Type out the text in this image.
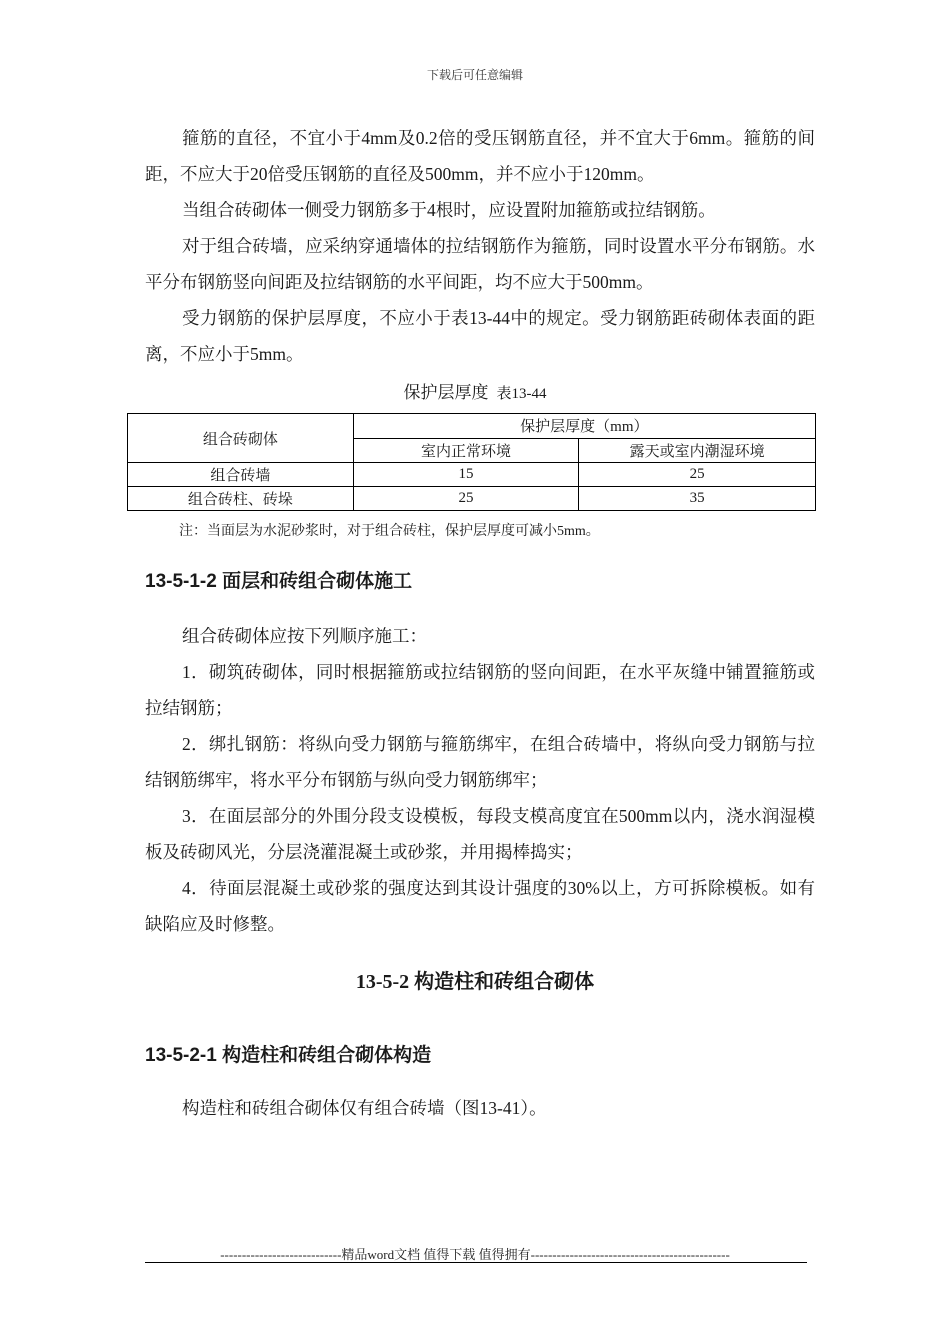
下载后可任意编辑

箍筋的直径，不宜小于4mm及0.2倍的受压钢筋直径，并不宜大于6mm。箍筋的间距，不应大于20倍受压钢筋的直径及500mm，并不应小于120mm。

当组合砖砌体一侧受力钢筋多于4根时，应设置附加箍筋或拉结钢筋。

对于组合砖墙，应采纳穿通墙体的拉结钢筋作为箍筋，同时设置水平分布钢筋。水平分布钢筋竖向间距及拉结钢筋的水平间距，均不应大于500mm。

受力钢筋的保护层厚度，不应小于表13-44中的规定。受力钢筋距砖砌体表面的距离，不应小于5mm。

保护层厚度 表13-44
组合砖砌体	保护层厚度（mm）	
	室内正常环境	露天或室内潮湿环境
组合砖墙	15	25
组合砖柱、砖垛	25	35
注：当面层为水泥砂浆时，对于组合砖柱，保护层厚度可减小5mm。
13-5-1-2 面层和砖组合砌体施工

组合砖砌体应按下列顺序施工：

1．砌筑砖砌体，同时根据箍筋或拉结钢筋的竖向间距，在水平灰缝中铺置箍筋或拉结钢筋；

2．绑扎钢筋：将纵向受力钢筋与箍筋绑牢，在组合砖墙中，将纵向受力钢筋与拉结钢筋绑牢，将水平分布钢筋与纵向受力钢筋绑牢；

3．在面层部分的外围分段支设模板，每段支模高度宜在500mm以内，浇水润湿模板及砖砌风光，分层浇灌混凝土或砂浆，并用揭棒捣实；

4．待面层混凝土或砂浆的强度达到其设计强度的30%以上，方可拆除模板。如有缺陷应及时修整。

13-5-2 构造柱和砖组合砌体
13-5-2-1 构造柱和砖组合砌体构造

构造柱和砖组合砌体仅有组合砖墙（图13-41）。

----------------------------精品word文档 值得下载 值得拥有----------------------------------------------
